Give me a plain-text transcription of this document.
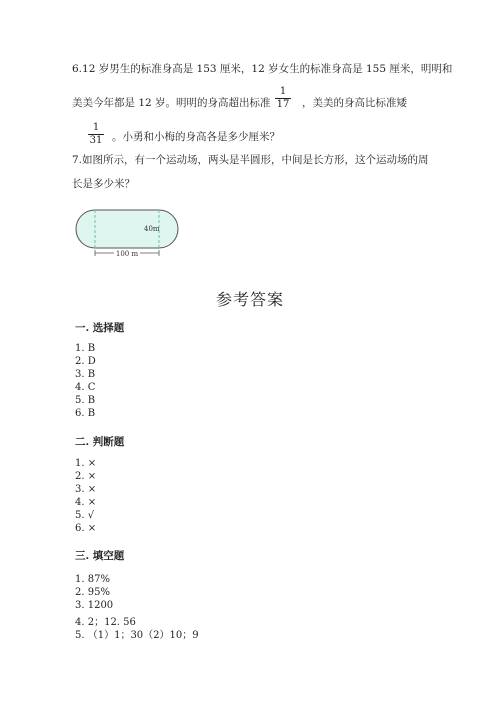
6.12 岁男生的标准身高是 153 厘米，12 岁女生的标准身高是 155 厘米，明明和
美美今年都是 12 岁。明明的身高超出标准 $\frac{1}{17}$ ，美美的身高比标准矮
$\frac{1}{31}$ 。小勇和小梅的身高各是多少厘米？
7.如图所示，有一个运动场，两头是半圆形，中间是长方形，这个运动场的周
长是多少米？
40m
100 m
参考答案
一. 选择题
1. B
2. D
3. B
4. C
5. B
6. B
二. 判断题
1. ×
2. ×
3. ×
4. ×
5. √
6. ×
三. 填空题
1. 87%
2. 95%
3. 1200
4. 2；12. 56
5. （1）1；30（2）10；9
